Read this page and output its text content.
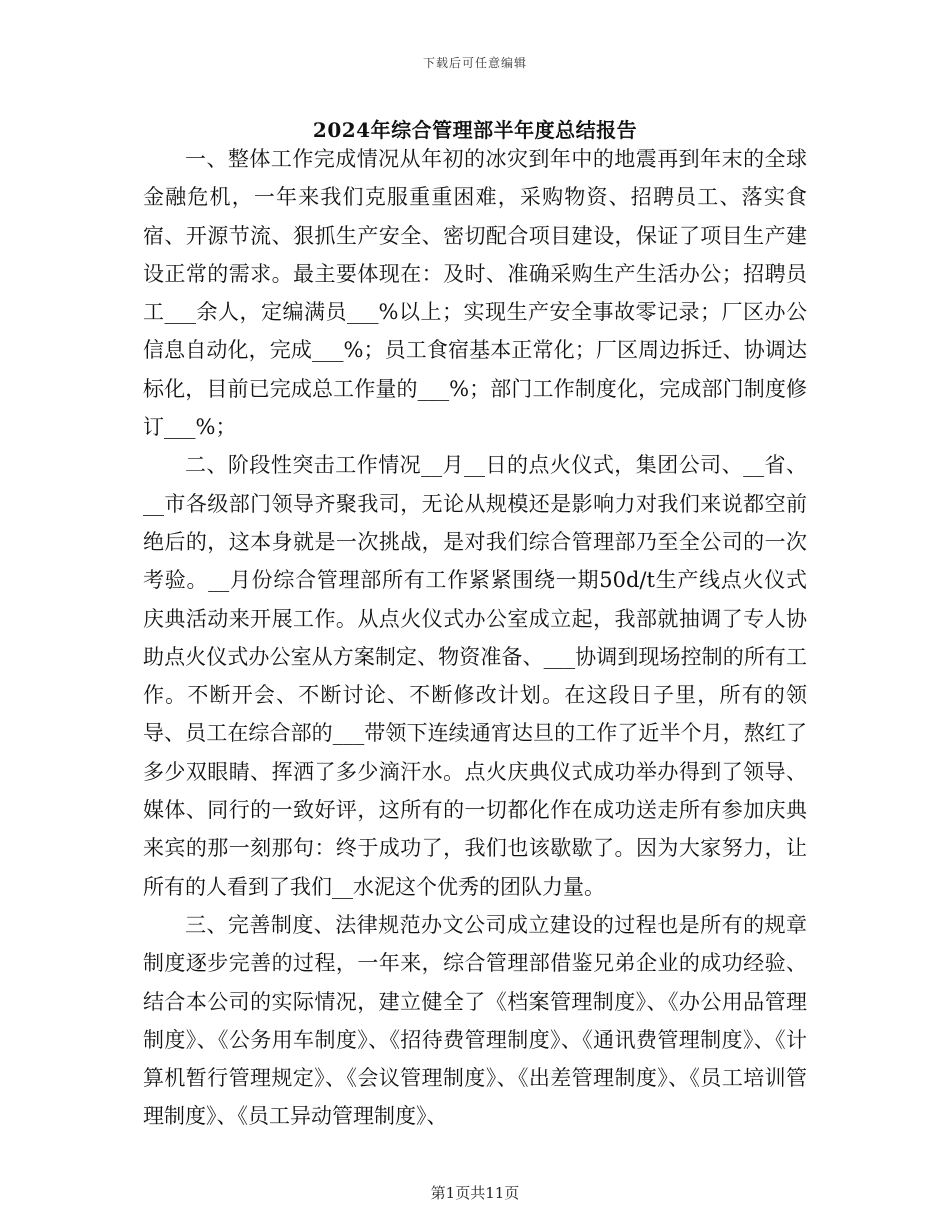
下载后可任意编辑
2024年综合管理部半年度总结报告

一、整体工作完成情况从年初的冰灾到年中的地震再到年末的全球金融危机，一年来我们克服重重困难，采购物资、招聘员工、落实食宿、开源节流、狠抓生产安全、密切配合项目建设，保证了项目生产建设正常的需求。最主要体现在：及时、准确采购生产生活办公；招聘员工___余人，定编满员___%以上；实现生产安全事故零记录；厂区办公信息自动化，完成___%；员工食宿基本正常化；厂区周边拆迁、协调达标化，目前已完成总工作量的___%；部门工作制度化，完成部门制度修订___%；

二、阶段性突击工作情况__月__日的点火仪式，集团公司、__省、__市各级部门领导齐聚我司，无论从规模还是影响力对我们来说都空前绝后的，这本身就是一次挑战，是对我们综合管理部乃至全公司的一次考验。__月份综合管理部所有工作紧紧围绕一期50d/t生产线点火仪式庆典活动来开展工作。从点火仪式办公室成立起，我部就抽调了专人协助点火仪式办公室从方案制定、物资准备、___协调到现场控制的所有工作。不断开会、不断讨论、不断修改计划。在这段日子里，所有的领导、员工在综合部的___带领下连续通宵达旦的工作了近半个月，熬红了多少双眼睛、挥洒了多少滴汗水。点火庆典仪式成功举办得到了领导、媒体、同行的一致好评，这所有的一切都化作在成功送走所有参加庆典来宾的那一刻那句：终于成功了，我们也该歇歇了。因为大家努力，让所有的人看到了我们__水泥这个优秀的团队力量。

三、完善制度、法律规范办文公司成立建设的过程也是所有的规章制度逐步完善的过程，一年来，综合管理部借鉴兄弟企业的成功经验、结合本公司的实际情况，建立健全了《档案管理制度》、《办公用品管理制度》、《公务用车制度》、《招待费管理制度》、《通讯费管理制度》、《计算机暂行管理规定》、《会议管理制度》、《出差管理制度》、《员工培训管理制度》、《员工异动管理制度》、

第1页共11页
